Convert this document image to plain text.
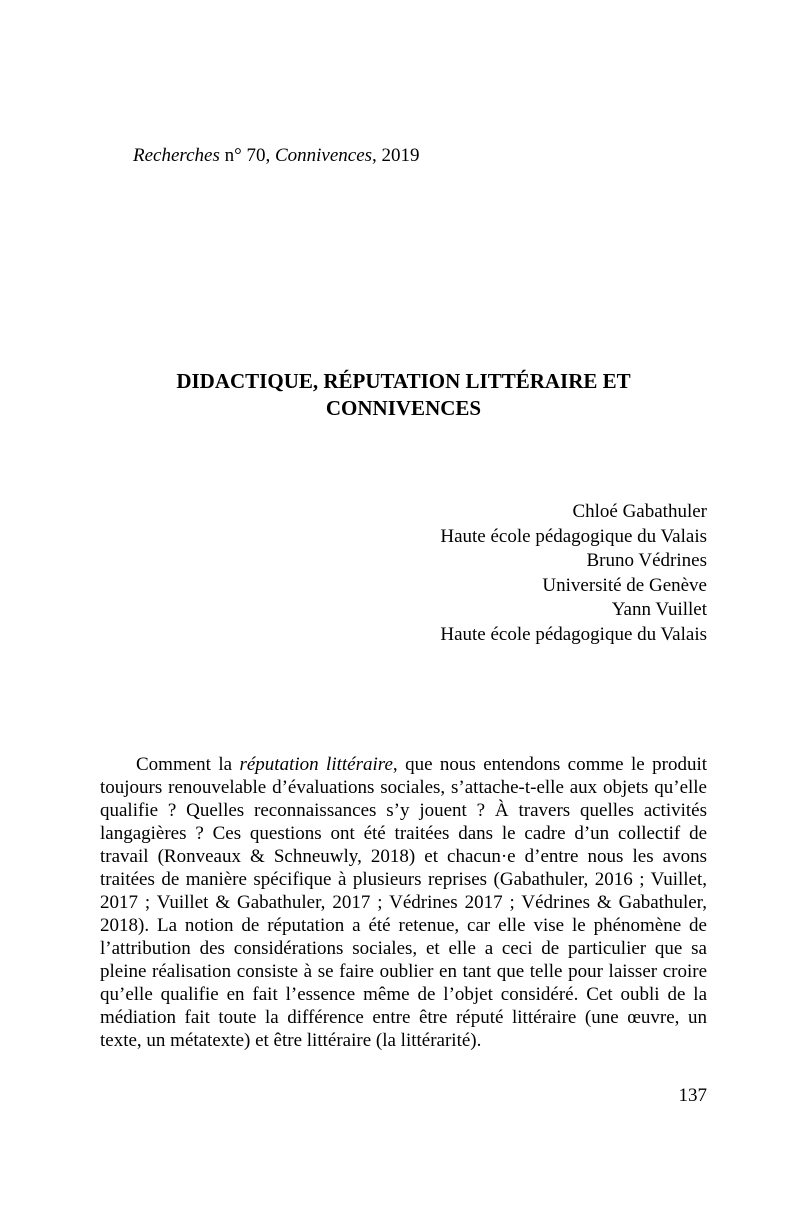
Recherches n° 70, Connivences, 2019
DIDACTIQUE, RÉPUTATION LITTÉRAIRE ET
CONNIVENCES
Chloé Gabathuler
Haute école pédagogique du Valais
Bruno Védrines
Université de Genève
Yann Vuillet
Haute école pédagogique du Valais

Comment la réputation littéraire, que nous entendons comme le produit toujours renouvelable d’évaluations sociales, s’attache-t-elle aux objets qu’elle qualifie ? Quelles reconnaissances s’y jouent ? À travers quelles activités langagières ? Ces questions ont été traitées dans le cadre d’un collectif de travail (Ronveaux & Schneuwly, 2018) et chacun·e d’entre nous les avons traitées de manière spécifique à plusieurs reprises (Gabathuler, 2016 ; Vuillet, 2017 ; Vuillet & Gabathuler, 2017 ; Védrines 2017 ; Védrines & Gabathuler, 2018). La notion de réputation a été retenue, car elle vise le phénomène de l’attribution des considérations sociales, et elle a ceci de particulier que sa pleine réalisation consiste à se faire oublier en tant que telle pour laisser croire qu’elle qualifie en fait l’essence même de l’objet considéré. Cet oubli de la médiation fait toute la différence entre être réputé littéraire (une œuvre, un texte, un métatexte) et être littéraire (la littérarité).

137
